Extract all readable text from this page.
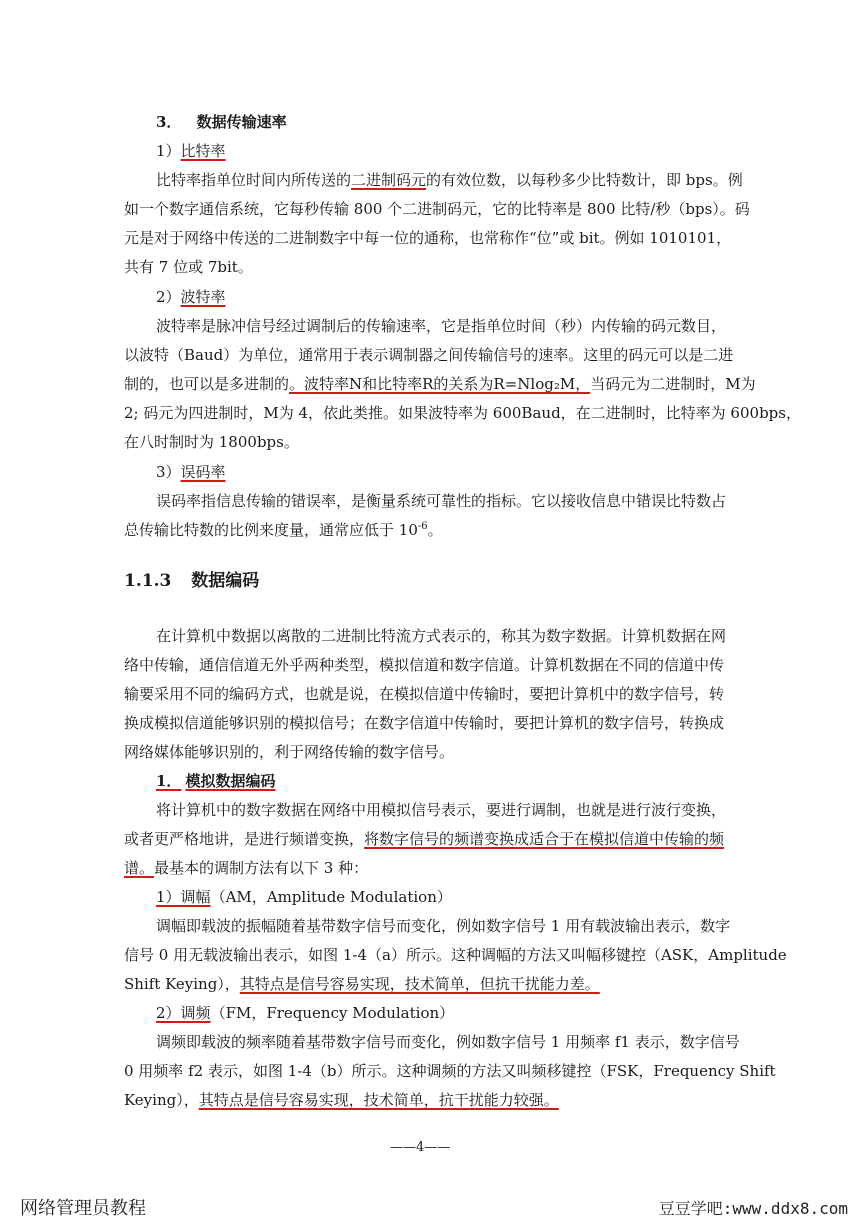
3． 数据传输速率
1）比特率
比特率指单位时间内所传送的二进制码元的有效位数，以每秒多少比特数计，即 bps。例
如一个数字通信系统，它每秒传输 800 个二进制码元，它的比特率是 800 比特/秒（bps）。码
元是对于网络中传送的二进制数字中每一位的通称，也常称作“位”或 bit。例如 1010101，
共有 7 位或 7bit。
2）波特率
波特率是脉冲信号经过调制后的传输速率，它是指单位时间（秒）内传输的码元数目，
以波特（Baud）为单位，通常用于表示调制器之间传输信号的速率。这里的码元可以是二进
制的，也可以是多进制的。波特率N和比特率R的关系为R=Nlog₂M，当码元为二进制时，M为
2; 码元为四进制时，M为 4，依此类推。如果波特率为 600Baud，在二进制时，比特率为 600bps，
在八时制时为 1800bps。
3）误码率
误码率指信息传输的错误率，是衡量系统可靠性的指标。它以接收信息中错误比特数占
总传输比特数的比例来度量，通常应低于 $10^{-6}$。
1.1.3 数据编码
在计算机中数据以离散的二进制比特流方式表示的，称其为数字数据。计算机数据在网
络中传输，通信信道无外乎两种类型，模拟信道和数字信道。计算机数据在不同的信道中传
输要采用不同的编码方式，也就是说，在模拟信道中传输时，要把计算机中的数字信号，转
换成模拟信道能够识别的模拟信号；在数字信道中传输时，要把计算机的数字信号，转换成
网络媒体能够识别的，利于网络传输的数字信号。
1． 模拟数据编码
将计算机中的数字数据在网络中用模拟信号表示，要进行调制，也就是进行波行变换，
或者更严格地讲，是进行频谱变换，将数字信号的频谱变换成适合于在模拟信道中传输的频
谱。最基本的调制方法有以下 3 种：
1）调幅（AM，Amplitude Modulation）
调幅即载波的振幅随着基带数字信号而变化，例如数字信号 1 用有载波输出表示，数字
信号 0 用无载波输出表示，如图 1-4（a）所示。这种调幅的方法又叫幅移键控（ASK，Amplitude
Shift Keying），其特点是信号容易实现，技术简单，但抗干扰能力差。
2）调频（FM，Frequency Modulation）
调频即载波的频率随着基带数字信号而变化，例如数字信号 1 用频率 f1 表示，数字信号
0 用频率 f2 表示，如图 1-4（b）所示。这种调频的方法又叫频移键控（FSK，Frequency Shift
Keying），其特点是信号容易实现，技术简单，抗干扰能力较强。
——4——
网络管理员教程	豆豆学吧:www.ddx8.com
